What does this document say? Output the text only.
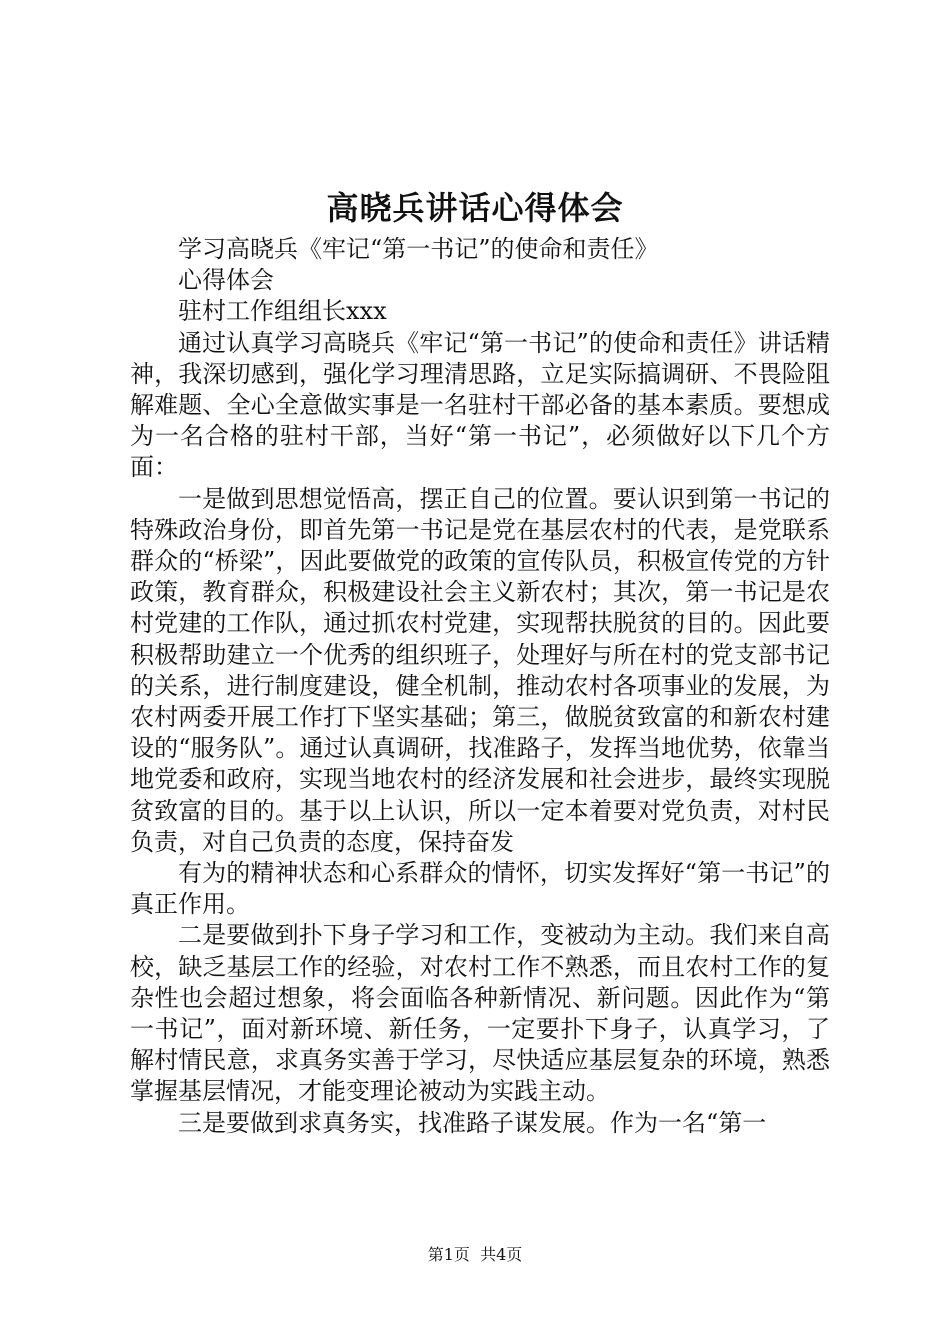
高晓兵讲话心得体会

学习高晓兵《牢记“第一书记”的使命和责任》

心得体会

驻村工作组组长xxx

通过认真学习高晓兵《牢记“第一书记”的使命和责任》讲话精神，我深切感到，强化学习理清思路，立足实际搞调研、不畏险阻解难题、全心全意做实事是一名驻村干部必备的基本素质。要想成为一名合格的驻村干部，当好“第一书记”，必须做好以下几个方面：

一是做到思想觉悟高，摆正自己的位置。要认识到第一书记的特殊政治身份，即首先第一书记是党在基层农村的代表，是党联系群众的“桥梁”，因此要做党的政策的宣传队员，积极宣传党的方针政策，教育群众，积极建设社会主义新农村；其次，第一书记是农村党建的工作队，通过抓农村党建，实现帮扶脱贫的目的。因此要积极帮助建立一个优秀的组织班子，处理好与所在村的党支部书记的关系，进行制度建设，健全机制，推动农村各项事业的发展，为农村两委开展工作打下坚实基础；第三，做脱贫致富的和新农村建设的“服务队”。通过认真调研，找准路子，发挥当地优势，依靠当地党委和政府，实现当地农村的经济发展和社会进步，最终实现脱贫致富的目的。基于以上认识，所以一定本着要对党负责，对村民负责，对自己负责的态度，保持奋发

有为的精神状态和心系群众的情怀，切实发挥好“第一书记”的真正作用。

二是要做到扑下身子学习和工作，变被动为主动。我们来自高校，缺乏基层工作的经验，对农村工作不熟悉，而且农村工作的复杂性也会超过想象，将会面临各种新情况、新问题。因此作为“第一书记”，面对新环境、新任务，一定要扑下身子，认真学习，了解村情民意，求真务实善于学习，尽快适应基层复杂的环境，熟悉掌握基层情况，才能变理论被动为实践主动。

三是要做到求真务实，找准路子谋发展。作为一名“第一

第1页 共4页
